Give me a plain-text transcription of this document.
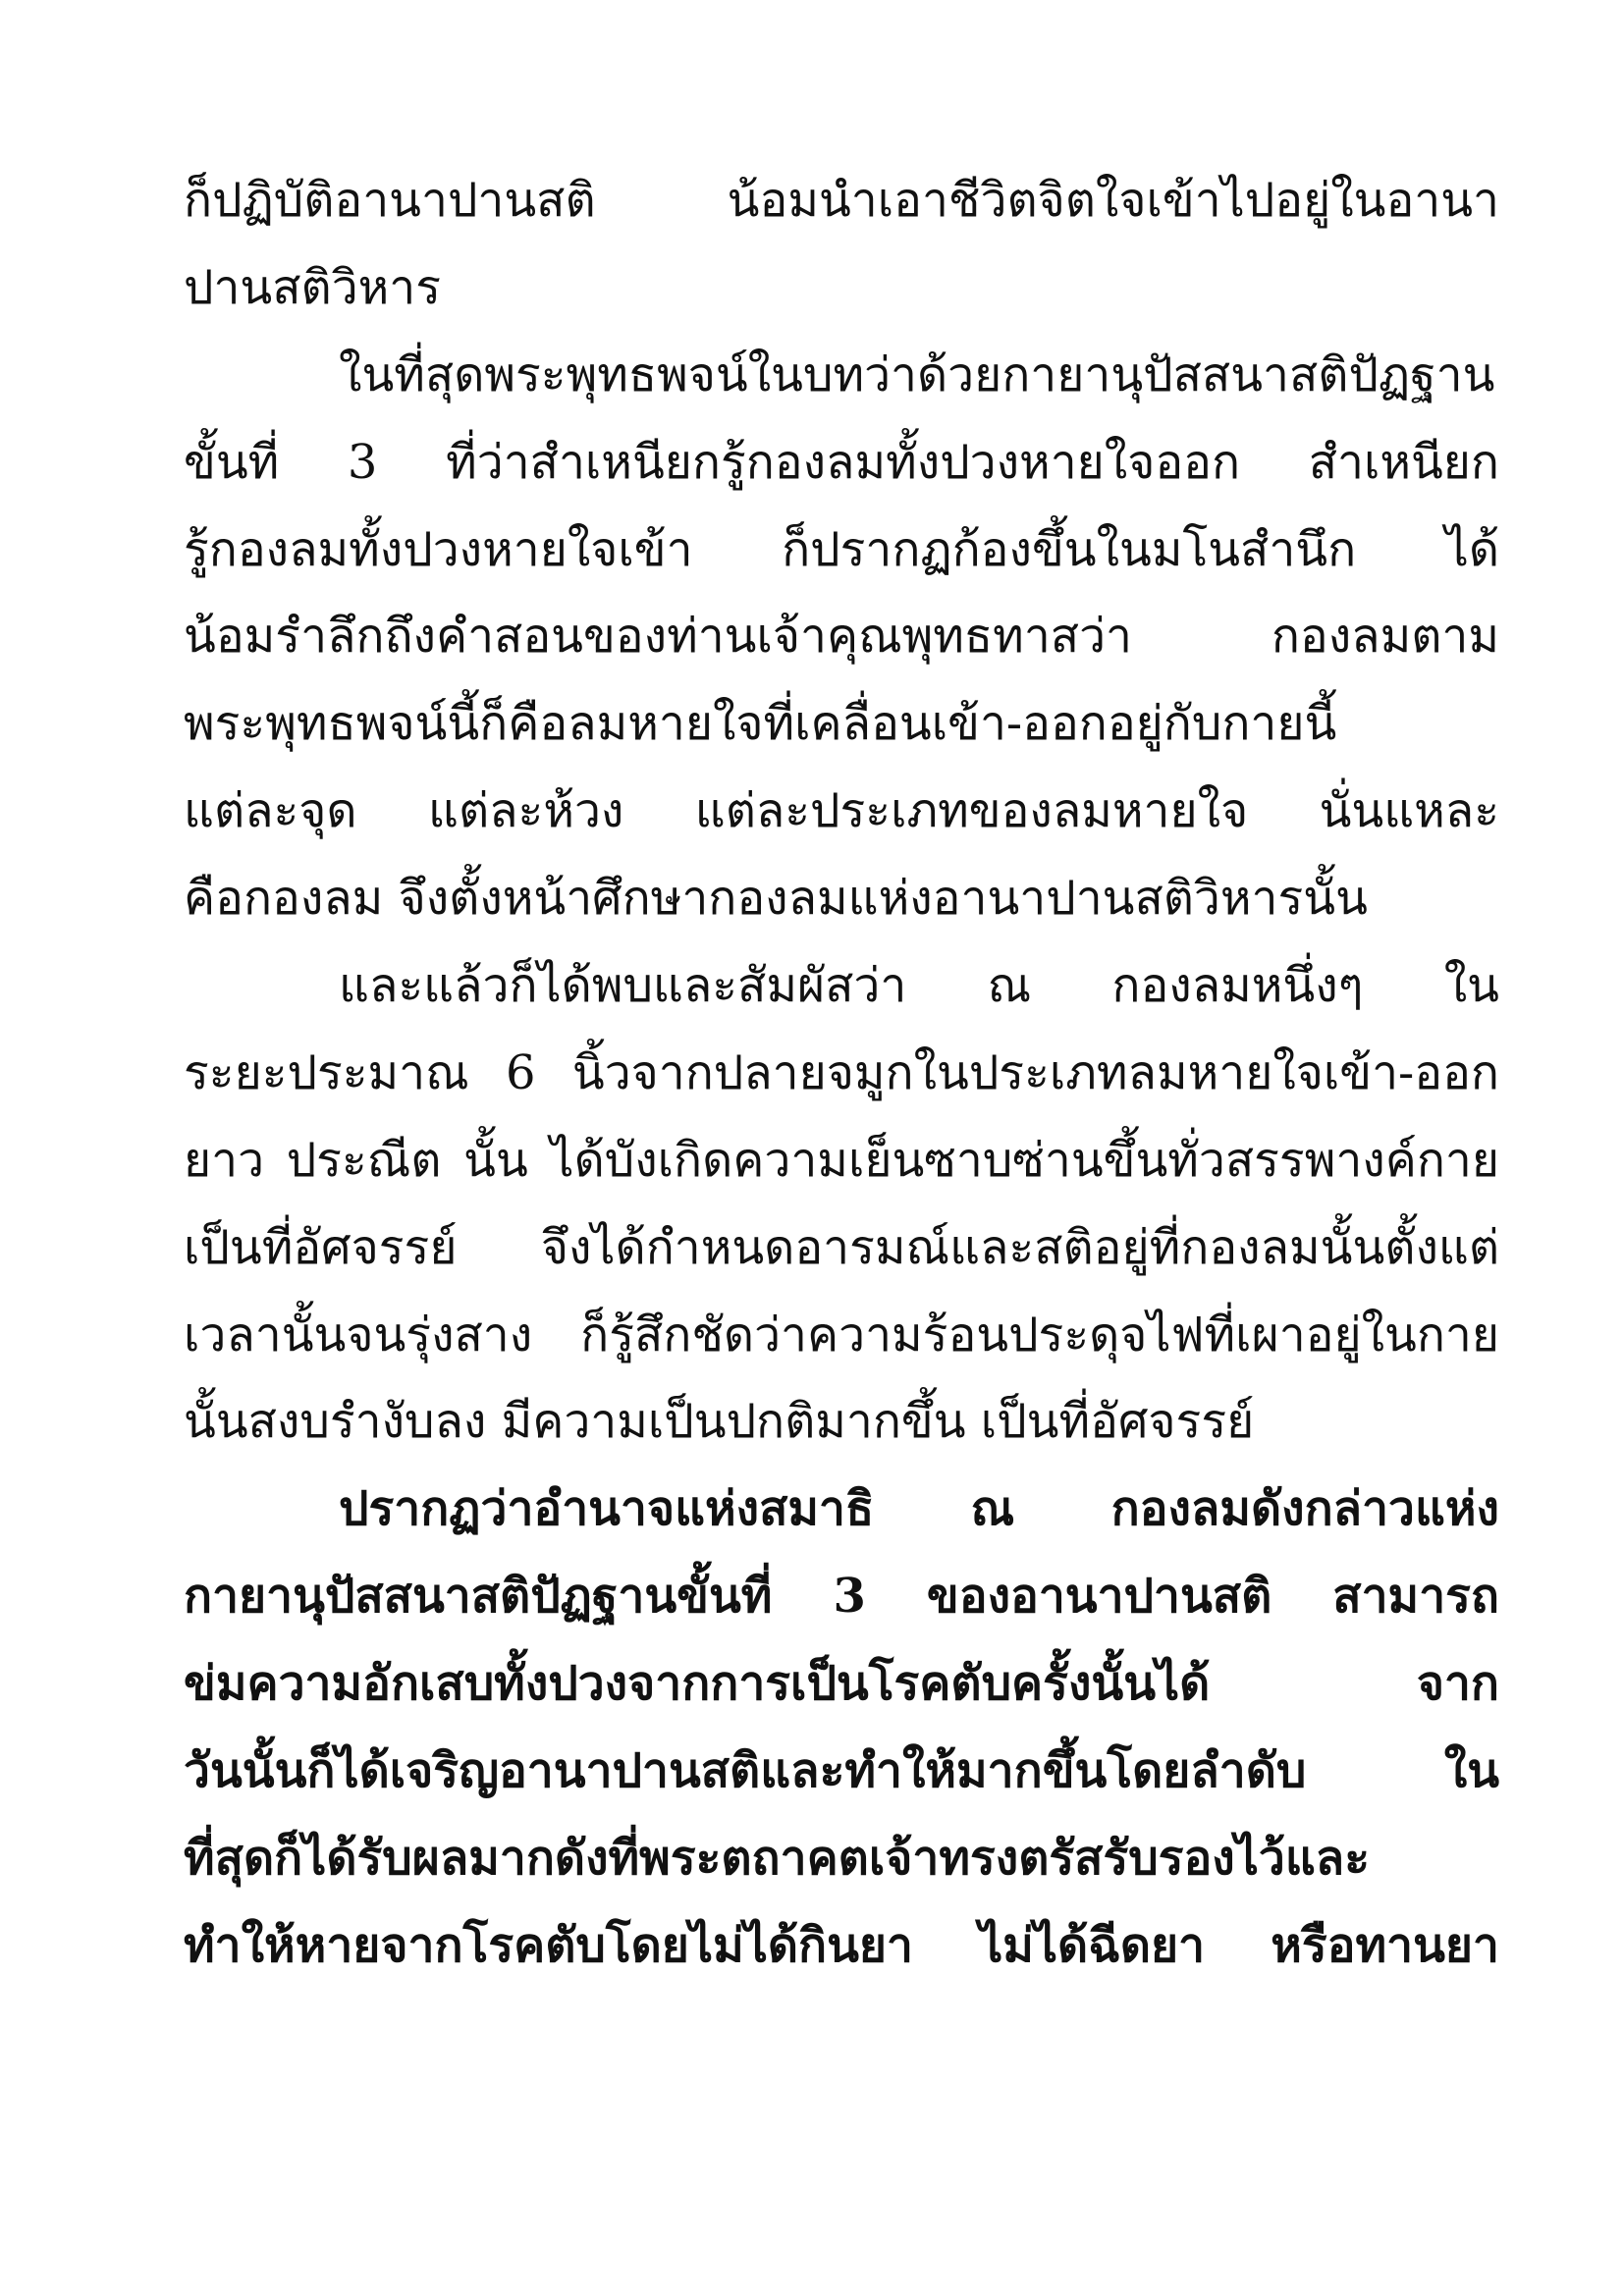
ก็ปฏิบัติอานาปานสติ น้อมนำเอาชีวิตจิตใจเข้าไปอยู่ในอานา
ปานสติวิหาร
ในที่สุดพระพุทธพจน์ในบทว่าด้วยกายานุปัสสนาสติปัฏฐาน
ขั้นที่ 3 ที่ว่าสำเหนียกรู้กองลมทั้งปวงหายใจออก สำเหนียก
รู้กองลมทั้งปวงหายใจเข้า ก็ปรากฏก้องขึ้นในมโนสำนึก ได้
น้อมรำลึกถึงคำสอนของท่านเจ้าคุณพุทธทาสว่า กองลมตาม
พระพุทธพจน์นี้ก็คือลมหายใจที่เคลื่อนเข้า-ออกอยู่กับกายนี้
แต่ละจุด แต่ละห้วง แต่ละประเภทของลมหายใจ นั่นแหละ
คือกองลม จึงตั้งหน้าศึกษากองลมแห่งอานาปานสติวิหารนั้น
และแล้วก็ได้พบและสัมผัสว่า ณ กองลมหนึ่งๆ ใน
ระยะประมาณ 6 นิ้วจากปลายจมูกในประเภทลมหายใจเข้า-ออก
ยาว ประณีต นั้น ได้บังเกิดความเย็นซาบซ่านขึ้นทั่วสรรพางค์กาย
เป็นที่อัศจรรย์ จึงได้กำหนดอารมณ์และสติอยู่ที่กองลมนั้นตั้งแต่
เวลานั้นจนรุ่งสาง ก็รู้สึกชัดว่าความร้อนประดุจไฟที่เผาอยู่ในกาย
นั้นสงบรำงับลง มีความเป็นปกติมากขึ้น เป็นที่อัศจรรย์
ปรากฏว่าอำนาจแห่งสมาธิ ณ กองลมดังกล่าวแห่ง
กายานุปัสสนาสติปัฏฐานขั้นที่ 3 ของอานาปานสติ สามารถ
ข่มความอักเสบทั้งปวงจากการเป็นโรคตับครั้งนั้นได้ จาก
วันนั้นก็ได้เจริญอานาปานสติและทำให้มากขึ้นโดยลำดับ ใน
ที่สุดก็ได้รับผลมากดังที่พระตถาคตเจ้าทรงตรัสรับรองไว้และ
ทำให้หายจากโรคตับโดยไม่ได้กินยา ไม่ได้ฉีดยา หรือทานยา
